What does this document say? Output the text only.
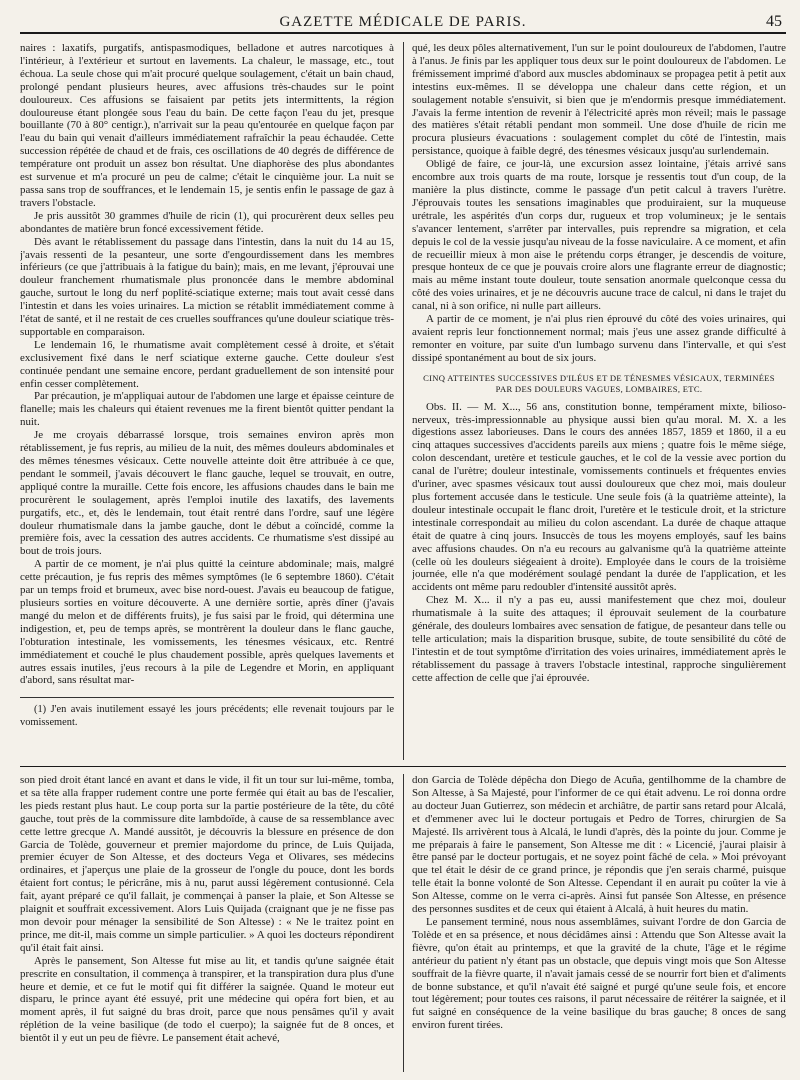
GAZETTE MÉDICALE DE PARIS.	45

naires : laxatifs, purgatifs, antispasmodiques, belladone et autres narcotiques à l'intérieur, à l'extérieur et surtout en lavements. La chaleur, le massage, etc., tout échoua. La seule chose qui m'ait procuré quelque soulagement, c'était un bain chaud, prolongé pendant plusieurs heures, avec affusions très-chaudes sur le point douloureux. Ces affusions se faisaient par petits jets intermittents, la région douloureuse étant plongée sous l'eau du bain. De cette façon l'eau du jet, presque bouillante (70 à 80° centigr.), n'arrivait sur la peau qu'entourée en quelque façon par l'eau du bain qui venait d'ailleurs immédiatement rafraîchir la peau échaudée. Cette succession répétée de chaud et de frais, ces oscillations de 40 degrés de différence de température ont produit un assez bon résultat. Une diaphorèse des plus abondantes est survenue et m'a procuré un peu de calme; c'était le cinquième jour. La nuit se passa sans trop de souffrances, et le lendemain 15, je sentis enfin le passage de gaz à travers l'obstacle.

Je pris aussitôt 30 grammes d'huile de ricin (1), qui procurèrent deux selles peu abondantes de matière brun foncé excessivement fétide.

Dès avant le rétablissement du passage dans l'intestin, dans la nuit du 14 au 15, j'avais ressenti de la pesanteur, une sorte d'engourdissement dans les membres inférieurs (ce que j'attribuais à la fatigue du bain); mais, en me levant, j'éprouvai une douleur franchement rhumatismale plus prononcée dans le membre abdominal gauche, surtout le long du nerf poplité-sciatique externe; mais tout avait cessé dans l'intestin et dans les voies urinaires. La miction se rétablit immédiatement comme à l'état de santé, et il ne restait de ces cruelles souffrances qu'une douleur sciatique très-supportable en comparaison.

Le lendemain 16, le rhumatisme avait complètement cessé à droite, et s'était exclusivement fixé dans le nerf sciatique externe gauche. Cette douleur s'est continuée pendant une semaine encore, perdant graduellement de son intensité pour enfin cesser complètement.

Par précaution, je m'appliquai autour de l'abdomen une large et épaisse ceinture de flanelle; mais les chaleurs qui étaient revenues me la firent bientôt quitter pendant la nuit.

Je me croyais débarrassé lorsque, trois semaines environ après mon rétablissement, je fus repris, au milieu de la nuit, des mêmes douleurs abdominales et des mêmes ténesmes vésicaux. Cette nouvelle atteinte doit être attribuée à ce que, pendant le sommeil, j'avais découvert le flanc gauche, lequel se trouvait, en outre, appliqué contre la muraille. Cette fois encore, les affusions chaudes dans le bain me procurèrent le soulagement, après l'emploi inutile des laxatifs, des lavements purgatifs, etc., et, dès le lendemain, tout était rentré dans l'ordre, sauf une légère douleur rhumatismale dans la jambe gauche, dont le début a coïncidé, comme la première fois, avec la cessation des autres accidents. Ce rhumatisme s'est dissipé au bout de trois jours.

A partir de ce moment, je n'ai plus quitté la ceinture abdominale; mais, malgré cette précaution, je fus repris des mêmes symptômes (le 6 septembre 1860). C'était par un temps froid et brumeux, avec bise nord-ouest. J'avais eu beaucoup de fatigue, plusieurs sorties en voiture découverte. A une dernière sortie, après dîner (j'avais mangé du melon et de différents fruits), je fus saisi par le froid, qui détermina une indigestion, et, peu de temps après, se montrèrent la douleur dans le flanc gauche, l'obturation intestinale, les vomissements, les ténesmes vésicaux, etc. Rentré immédiatement et couché le plus chaudement possible, après quelques lavements et autres essais inutiles, j'eus recours à la pile de Legendre et Morin, en appliquant d'abord, sans résultat mar-

(1) J'en avais inutilement essayé les jours précédents; elle revenait toujours par le vomissement.

qué, les deux pôles alternativement, l'un sur le point douloureux de l'abdomen, l'autre à l'anus. Je finis par les appliquer tous deux sur le point douloureux de l'abdomen. Le frémissement imprimé d'abord aux muscles abdominaux se propagea petit à petit aux intestins eux-mêmes. Il se développa une chaleur dans cette région, et un soulagement notable s'ensuivit, si bien que je m'endormis presque immédiatement. J'avais la ferme intention de revenir à l'électricité après mon réveil; mais le passage des matières s'était rétabli pendant mon sommeil. Une dose d'huile de ricin me procura plusieurs évacuations : soulagement complet du côté de l'intestin, mais persistance, quoique à faible degré, des ténesmes vésicaux jusqu'au surlendemain.

Obligé de faire, ce jour-là, une excursion assez lointaine, j'étais arrivé sans encombre aux trois quarts de ma route, lorsque je ressentis tout d'un coup, de la manière la plus distincte, comme le passage d'un petit calcul à travers l'urètre. J'éprouvais toutes les sensations imaginables que produiraient, sur la muqueuse urétrale, les aspérités d'un corps dur, rugueux et trop volumineux; je le sentais s'avancer lentement, s'arrêter par intervalles, puis reprendre sa migration, et cela depuis le col de la vessie jusqu'au niveau de la fosse naviculaire. A ce moment, et afin de recueillir mieux à mon aise le prétendu corps étranger, je descendis de voiture, presque honteux de ce que je pouvais croire alors une flagrante erreur de diagnostic; mais au même instant toute douleur, toute sensation anormale quelconque cessa du côté des voies urinaires, et je ne découvris aucune trace de calcul, ni dans le trajet du canal, ni à son orifice, ni nulle part ailleurs.

A partir de ce moment, je n'ai plus rien éprouvé du côté des voies urinaires, qui avaient repris leur fonctionnement normal; mais j'eus une assez grande difficulté à remonter en voiture, par suite d'un lumbago survenu dans l'intervalle, et qui s'est dissipé spontanément au bout de six jours.

CINQ ATTEINTES SUCCESSIVES D'ILÉUS ET DE TÉNESMES VÉSICAUX, TERMINÉES PAR DES DOULEURS VAGUES, LOMBAIRES, ETC.

Obs. II. — M. X..., 56 ans, constitution bonne, tempérament mixte, bilioso-nerveux, très-impressionnable au physique aussi bien qu'au moral. M. X. a les digestions assez laborieuses. Dans le cours des années 1857, 1859 et 1860, il a eu cinq attaques successives d'accidents pareils aux miens ; quatre fois le même siége, colon descendant, uretère et testicule gauches, et le col de la vessie avec portion du canal de l'urètre; douleur intestinale, vomissements continuels et fréquentes envies d'uriner, avec spasmes vésicaux tout aussi douloureux que chez moi, mais douleur plus fortement accusée dans le testicule. Une seule fois (à la quatrième atteinte), la douleur intestinale occupait le flanc droit, l'uretère et le testicule droit, et la stricture intestinale correspondait au milieu du colon ascendant. La durée de chaque attaque était de quatre à cinq jours. Insuccès de tous les moyens employés, sauf les bains avec affusions chaudes. On n'a eu recours au galvanisme qu'à la quatrième atteinte (celle où les douleurs siégeaient à droite). Employée dans le cours de la troisième journée, elle n'a que modérément soulagé pendant la durée de l'application, et les accidents ont même paru redoubler d'intensité aussitôt après.

Chez M. X... il n'y a pas eu, aussi manifestement que chez moi, douleur rhumatismale à la suite des attaques; il éprouvait seulement de la courbature générale, des douleurs lombaires avec sensation de fatigue, de pesanteur dans telle ou telle articulation; mais la disparition brusque, subite, de toute sensibilité du côté de l'intestin et de tout symptôme d'irritation des voies urinaires, immédiatement après le rétablissement du passage à travers l'obstacle intestinal, rapproche singulièrement cette affection de celle que j'ai éprouvée.

son pied droit étant lancé en avant et dans le vide, il fit un tour sur lui-même, tomba, et sa tête alla frapper rudement contre une porte fermée qui était au bas de l'escalier, les pieds restant plus haut. Le coup porta sur la partie postérieure de la tête, du côté gauche, tout près de la commissure dite lambdoïde, à cause de sa ressemblance avec cette lettre grecque Λ. Mandé aussitôt, je découvris la blessure en présence de don Garcia de Tolède, gouverneur et premier majordome du prince, de Luis Quijada, premier écuyer de Son Altesse, et des docteurs Vega et Olivares, ses médecins ordinaires, et j'aperçus une plaie de la grosseur de l'ongle du pouce, dont les bords étaient fort contus; le péricrâne, mis à nu, parut aussi légèrement contusionné. Cela fait, ayant préparé ce qu'il fallait, je commençai à panser la plaie, et Son Altesse se plaignit et souffrait excessivement. Alors Luis Quijada (craignant que je ne fisse pas mon devoir pour ménager la sensibilité de Son Altesse) : « Ne le traitez point en prince, me dit-il, mais comme un simple particulier. » A quoi les docteurs répondirent qu'il était fait ainsi.

Après le pansement, Son Altesse fut mise au lit, et tandis qu'une saignée était prescrite en consultation, il commença à transpirer, et la transpiration dura plus d'une heure et demie, et ce fut le motif qui fit différer la saignée. Quand le moteur eut disparu, le prince ayant été essuyé, prit une médecine qui opéra fort bien, et au moment après, il fut saigné du bras droit, parce que nous pensâmes qu'il y avait réplétion de la veine basilique (de todo el cuerpo); la saignée fut de 8 onces, et bientôt il y eut un peu de fièvre. Le pansement était achevé,

don Garcia de Tolède dépêcha don Diego de Acuña, gentilhomme de la chambre de Son Altesse, à Sa Majesté, pour l'informer de ce qui était advenu. Le roi donna ordre au docteur Juan Gutierrez, son médecin et archiâtre, de partir sans retard pour Alcalá, et d'emmener avec lui le docteur portugais et Pedro de Torres, chirurgien de Sa Majesté. Ils arrivèrent tous à Alcalá, le lundi d'après, dès la pointe du jour. Comme je me préparais à faire le pansement, Son Altesse me dit : « Licencié, j'aurai plaisir à être pansé par le docteur portugais, et ne soyez point fâché de cela. » Moi prévoyant que tel était le désir de ce grand prince, je répondis que j'en serais charmé, puisque telle était la bonne volonté de Son Altesse. Cependant il en aurait pu coûter la vie à Son Altesse, comme on le verra ci-après. Ainsi fut pansée Son Altesse, en présence des personnes susdites et de ceux qui étaient à Alcalá, à huit heures du matin.

Le pansement terminé, nous nous assemblâmes, suivant l'ordre de don Garcia de Tolède et en sa présence, et nous décidâmes ainsi : Attendu que Son Altesse avait la fièvre, qu'on était au printemps, et que la gravité de la chute, l'âge et le régime antérieur du patient n'y étant pas un obstacle, que depuis vingt mois que Son Altesse souffrait de la fièvre quarte, il n'avait jamais cessé de se nourrir fort bien et d'aliments de bonne substance, et qu'il n'avait été saigné et purgé qu'une seule fois, et encore tout légèrement; pour toutes ces raisons, il parut nécessaire de réitérer la saignée, et il fut saigné en conséquence de la veine basilique du bras gauche; 8 onces de sang environ furent tirées.
